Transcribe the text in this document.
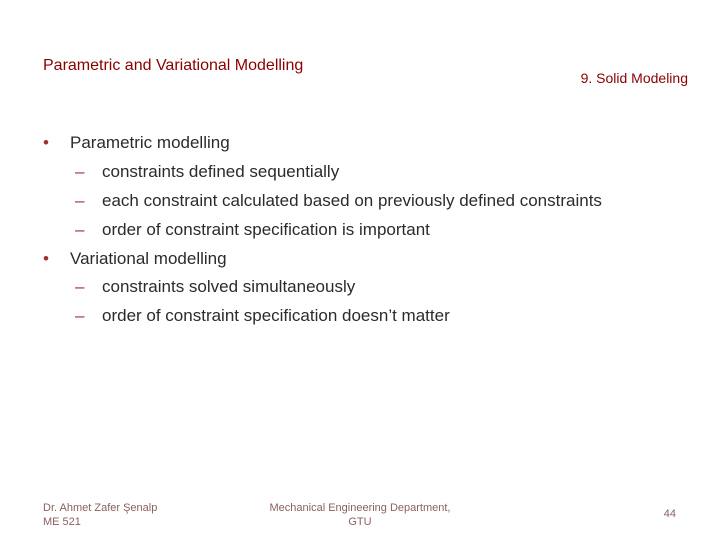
Parametric and Variational Modelling
9. Solid Modeling
• Parametric modelling
– constraints defined sequentially
– each constraint calculated based on previously defined constraints
– order of constraint specification is important
• Variational modelling
– constraints solved simultaneously
– order of constraint specification doesn’t matter
Dr. Ahmet Zafer Şenalp
ME 521
Mechanical Engineering Department,
GTU
44
